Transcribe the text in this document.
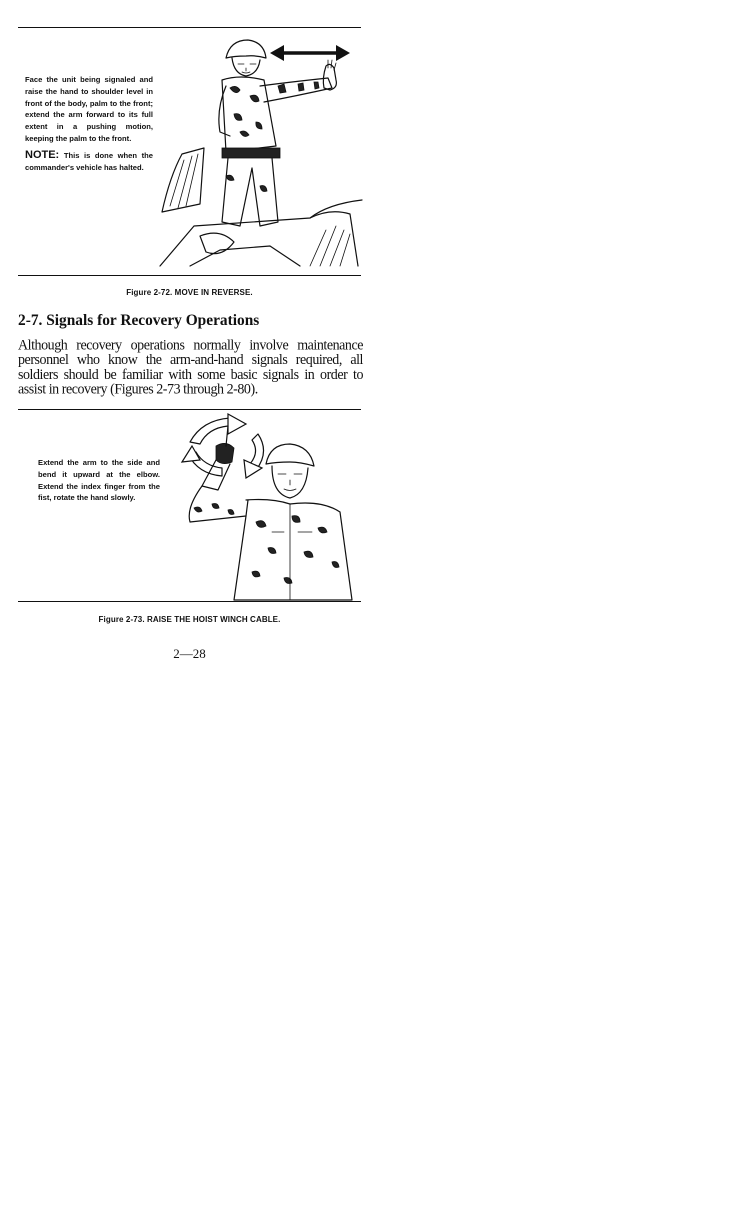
Face the unit being signaled and raise the hand to shoulder level in front of the body, palm to the front; extend the arm forward to its full extent in a pushing motion, keeping the palm to the front.

NOTE: This is done when the commander's vehicle has halted.

Figure 2-72. MOVE IN REVERSE.
2-7. Signals for Recovery Operations

Although recovery operations normally involve maintenance personnel who know the arm-and-hand signals required, all soldiers should be familiar with some basic signals in order to assist in recovery (Figures 2-73 through 2-80).

Extend the arm to the side and bend it upward at the elbow. Extend the index finger from the fist, rotate the hand slowly.

Figure 2-73. RAISE THE HOIST WINCH CABLE.
2—28
